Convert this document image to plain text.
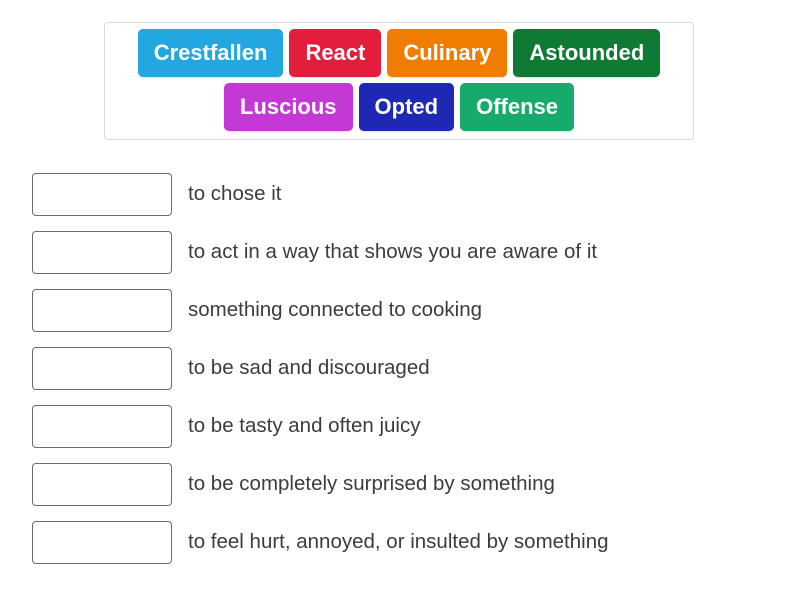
Crestfallen	React	Culinary	Astounded
Luscious	Opted	Offense
to chose it
to act in a way that shows you are aware of it
something connected to cooking
to be sad and discouraged
to be tasty and often juicy
to be completely surprised by something
to feel hurt, annoyed, or insulted by something
